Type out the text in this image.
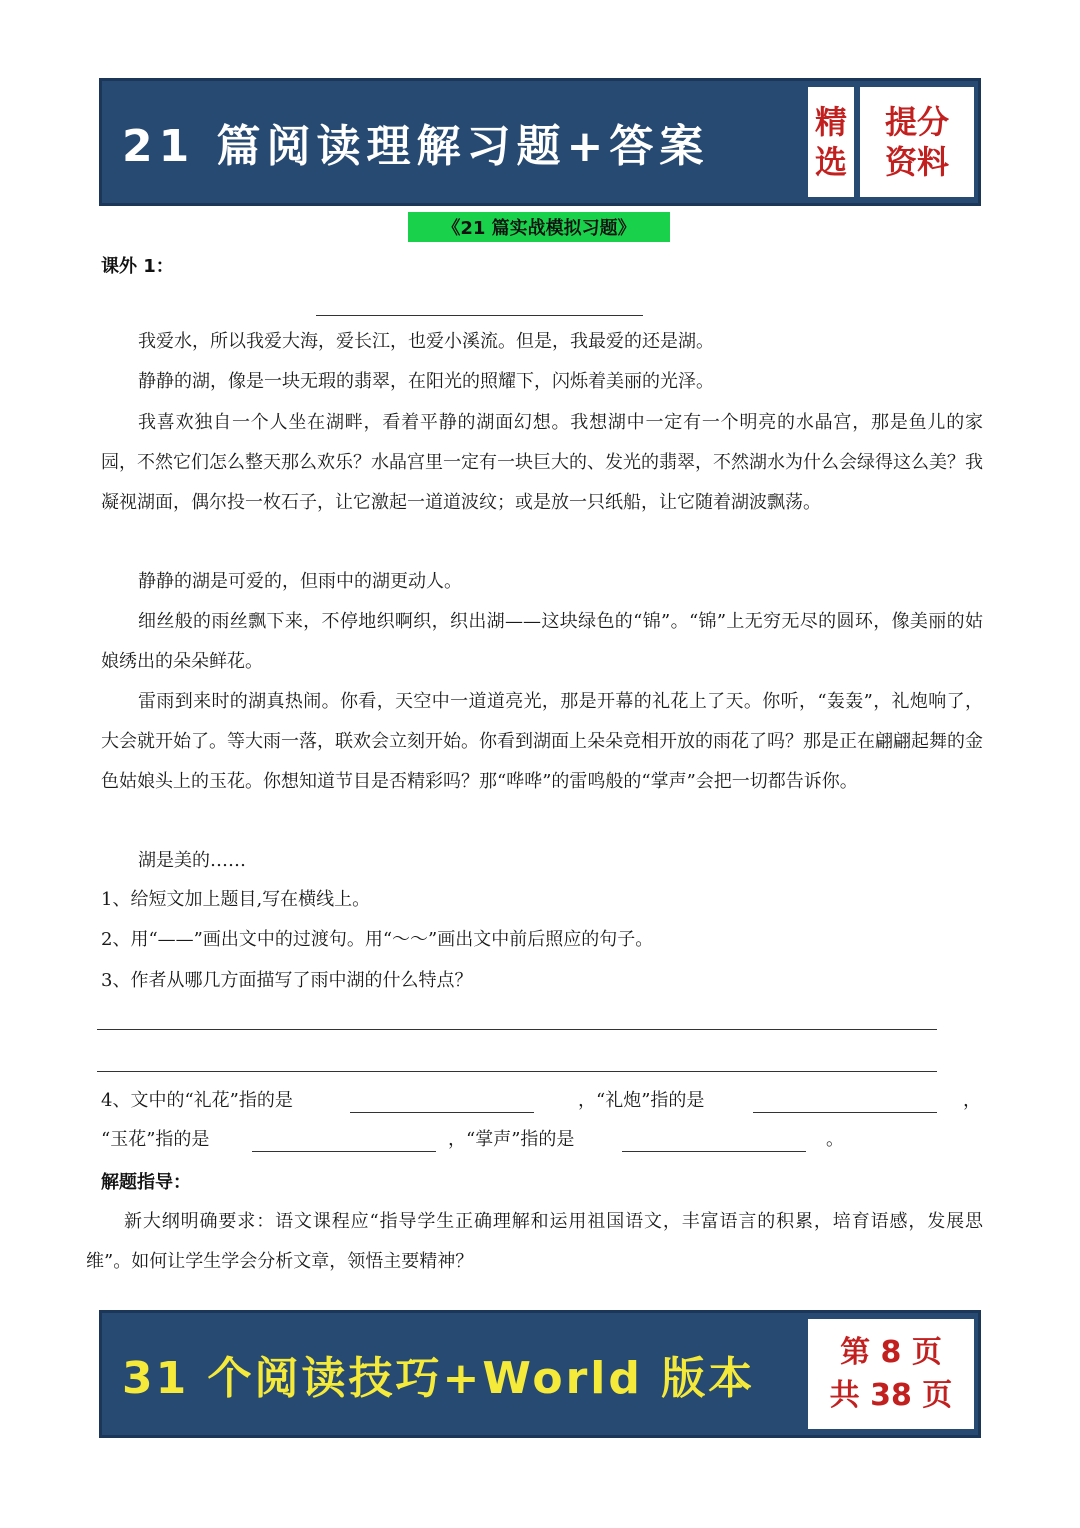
21 篇阅读理解习题+答案	精
选
提分
资料
《21 篇实战模拟习题》
课外 1：

我爱水，所以我爱大海，爱长江，也爱小溪流。但是，我最爱的还是湖。

静静的湖，像是一块无瑕的翡翠，在阳光的照耀下，闪烁着美丽的光泽。

我喜欢独自一个人坐在湖畔，看着平静的湖面幻想。我想湖中一定有一个明亮的水晶宫，那是鱼儿的家园，不然它们怎么整天那么欢乐？水晶宫里一定有一块巨大的、发光的翡翠，不然湖水为什么会绿得这么美？我凝视湖面，偶尔投一枚石子，让它激起一道道波纹；或是放一只纸船，让它随着湖波飘荡。

静静的湖是可爱的，但雨中的湖更动人。

细丝般的雨丝飘下来，不停地织啊织，织出湖——这块绿色的“锦”。“锦”上无穷无尽的圆环，像美丽的姑娘绣出的朵朵鲜花。

雷雨到来时的湖真热闹。你看，天空中一道道亮光，那是开幕的礼花上了天。你听，“轰轰”，礼炮响了，大会就开始了。等大雨一落，联欢会立刻开始。你看到湖面上朵朵竞相开放的雨花了吗？那是正在翩翩起舞的金色姑娘头上的玉花。你想知道节目是否精彩吗？那“哗哗”的雷鸣般的“掌声”会把一切都告诉你。

湖是美的……

1、给短文加上题目,写在横线上。
2、用“——”画出文中的过渡句。用“～～”画出文中前后照应的句子。
3、作者从哪几方面描写了雨中湖的什么特点？
4、文中的“礼花”指的是	，“礼炮”指的是	，
“玉花”指的是	，“掌声”指的是	。
解题指导：

新大纲明确要求：语文课程应“指导学生正确理解和运用祖国语文，丰富语言的积累，培育语感，发展思维”。如何让学生学会分析文章，领悟主要精神？

31 个阅读技巧+World 版本
第 8 页
共 38 页
